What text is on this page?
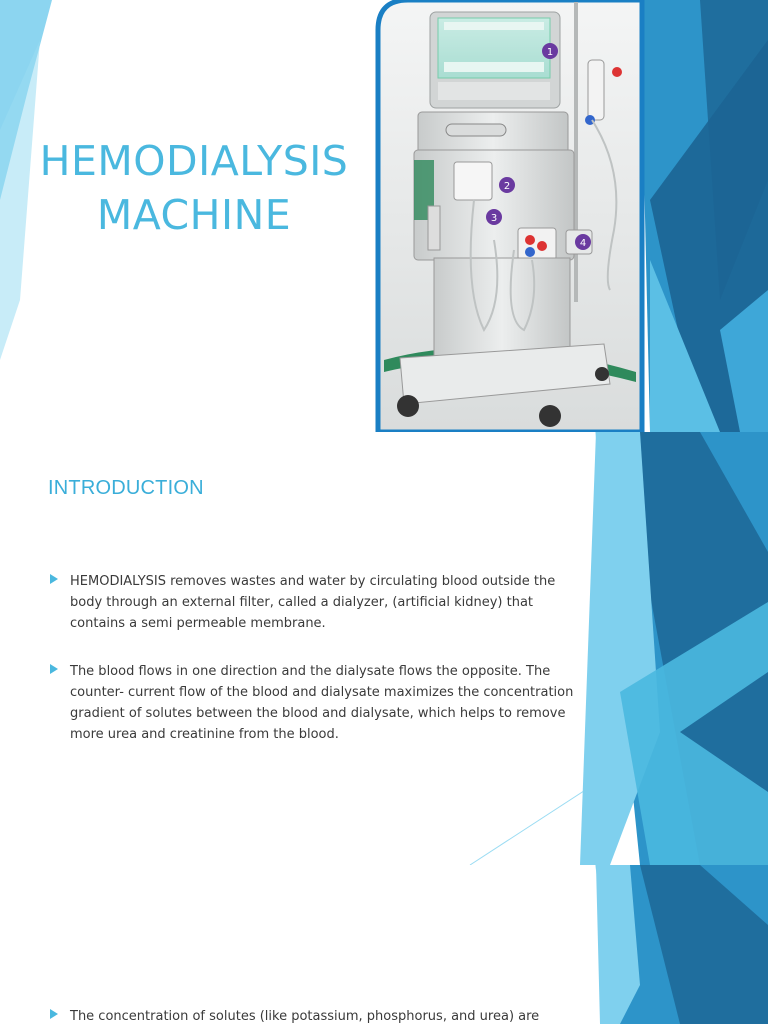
HEMODIALYSIS
MACHINE
1
2
3
4
INTRODUCTION
HEMODIALYSIS removes wastes and water by circulating blood outside the body through an external filter, called a dialyzer, (artificial kidney) that contains a semi permeable membrane.
The blood flows in one direction and the dialysate flows the opposite. The counter- current flow of the blood and dialysate maximizes the concentration gradient of solutes between the blood and dialysate, which helps to remove more urea and creatinine from the blood.
The concentration of solutes (like potassium, phosphorus, and urea) are
